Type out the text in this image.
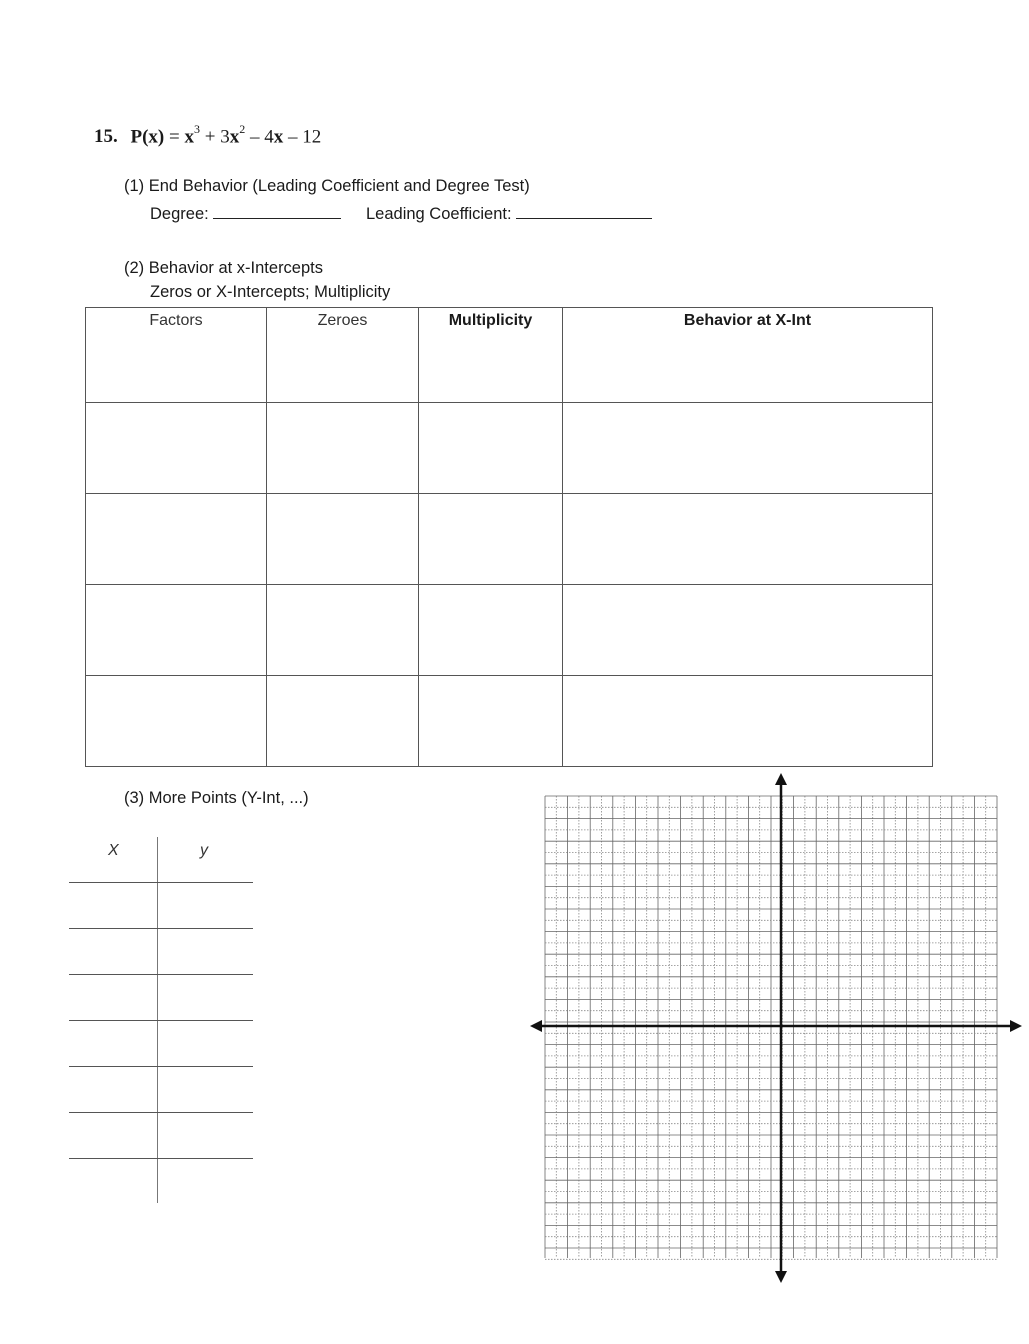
15. $P(x) = x^3 + 3x^2 - 4x - 12$
(1) End Behavior (Leading Coefficient and Degree Test)
Degree:	Leading Coefficient:
(2) Behavior at x-Intercepts
Zeros or X-Intercepts; Multiplicity
Factors	Zeroes	Multiplicity	Behavior at X-Int

(3) More Points (Y-Int, ...)
X	y
